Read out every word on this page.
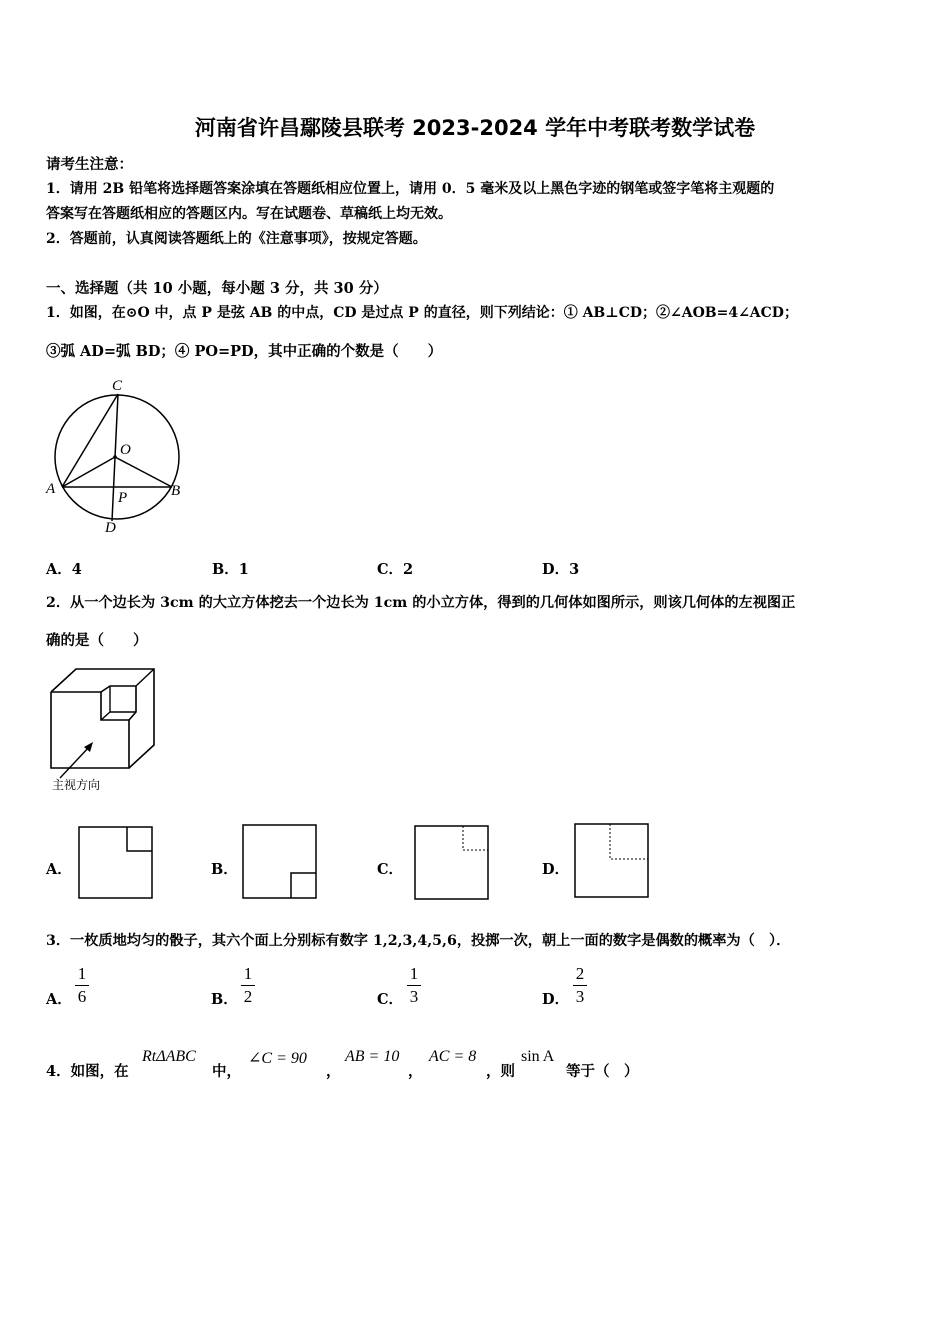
河南省许昌鄢陵县联考 2023-2024 学年中考联考数学试卷
请考生注意：
1．请用 2B 铅笔将选择题答案涂填在答题纸相应位置上，请用 0．5 毫米及以上黑色字迹的钢笔或签字笔将主观题的
答案写在答题纸相应的答题区内。写在试题卷、草稿纸上均无效。
2．答题前，认真阅读答题纸上的《注意事项》，按规定答题。
一、选择题（共 10 小题，每小题 3 分，共 30 分）
1．如图，在⊙O 中，点 P 是弦 AB 的中点，CD 是过点 P 的直径，则下列结论：① AB⊥CD；②∠AOB=4∠ACD；
③弧 AD=弧 BD；④ PO=PD，其中正确的个数是（　　）
C
O
A	B
P
D
A．4	B．1	C．2	D．3
2．从一个边长为 3cm 的大立方体挖去一个边长为 1cm 的小立方体，得到的几何体如图所示，则该几何体的左视图正
确的是（　　）
主视方向
A．	B．	C．	D．
3．一枚质地均匀的骰子，其六个面上分别标有数字 1,2,3,4,5,6，投掷一次，朝上一面的数字是偶数的概率为（　）．
A．
1
6	B．
1
2	C．
1
3	D．
2
3
4．如图，在
RtΔABC
中，
∠C = 90
，
AB = 10
，
AC = 8
，则
sin A
等于（　）
